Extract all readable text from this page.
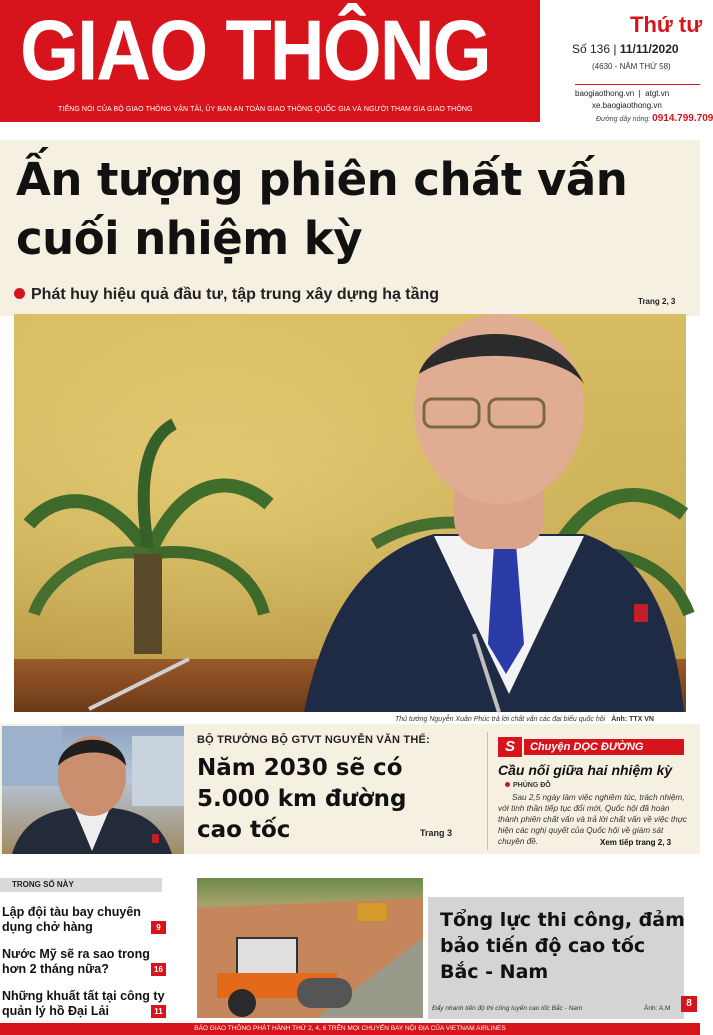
GIAO THÔNG
TIẾNG NÓI CỦA BỘ GIAO THÔNG VẬN TẢI, ỦY BAN AN TOÀN GIAO THÔNG QUỐC GIA VÀ NGƯỜI THAM GIA GIAO THÔNG
Thứ tư
Số 136 | 11/11/2020
(4630 - NĂM THỨ 58)
baogiaothong.vn  |  atgt.vn
xe.baogiaothong.vn
Đường dây nóng: 0914.799.709
Ấn tượng phiên chất vấn cuối nhiệm kỳ
Phát huy hiệu quả đầu tư, tập trung xây dựng hạ tầng	Trang 2, 3
Thủ tướng Nguyễn Xuân Phúc trả lời chất vấn các đại biểu quốc hội Ảnh: TTX VN
BỘ TRƯỞNG BỘ GTVT NGUYỄN VĂN THỂ:
Năm 2030 sẽ có 5.000 km đường cao tốc	Trang 3
S	Chuyện DỌC ĐƯỜNG
Cầu nối giữa hai nhiệm kỳ
PHÙNG ĐỖ

Sau 2,5 ngày làm việc nghiêm túc, trách nhiệm, với tinh thần tiếp tục đổi mới, Quốc hội đã hoàn thành phiên chất vấn và trả lời chất vấn về việc thực hiện các nghị quyết của Quốc hội về giám sát chuyên đề.	Xem tiếp trang 2, 3
TRONG SỐ NÀY
Lập đội tàu bay chuyên dụng chở hàng	9
Nước Mỹ sẽ ra sao trong hơn 2 tháng nữa?	16
Những khuất tất tại công ty quản lý hồ Đại Lải	11
Tổng lực thi công, đảm bảo tiến độ cao tốc Bắc - Nam
Đẩy nhanh tiến độ thi công tuyến cao tốc Bắc - Nam	Ảnh: A.M	8
BÁO GIAO THÔNG PHÁT HÀNH THỨ 2, 4, 6 TRÊN MỌI CHUYẾN BAY NỘI ĐỊA CỦA VIETNAM AIRLINES
